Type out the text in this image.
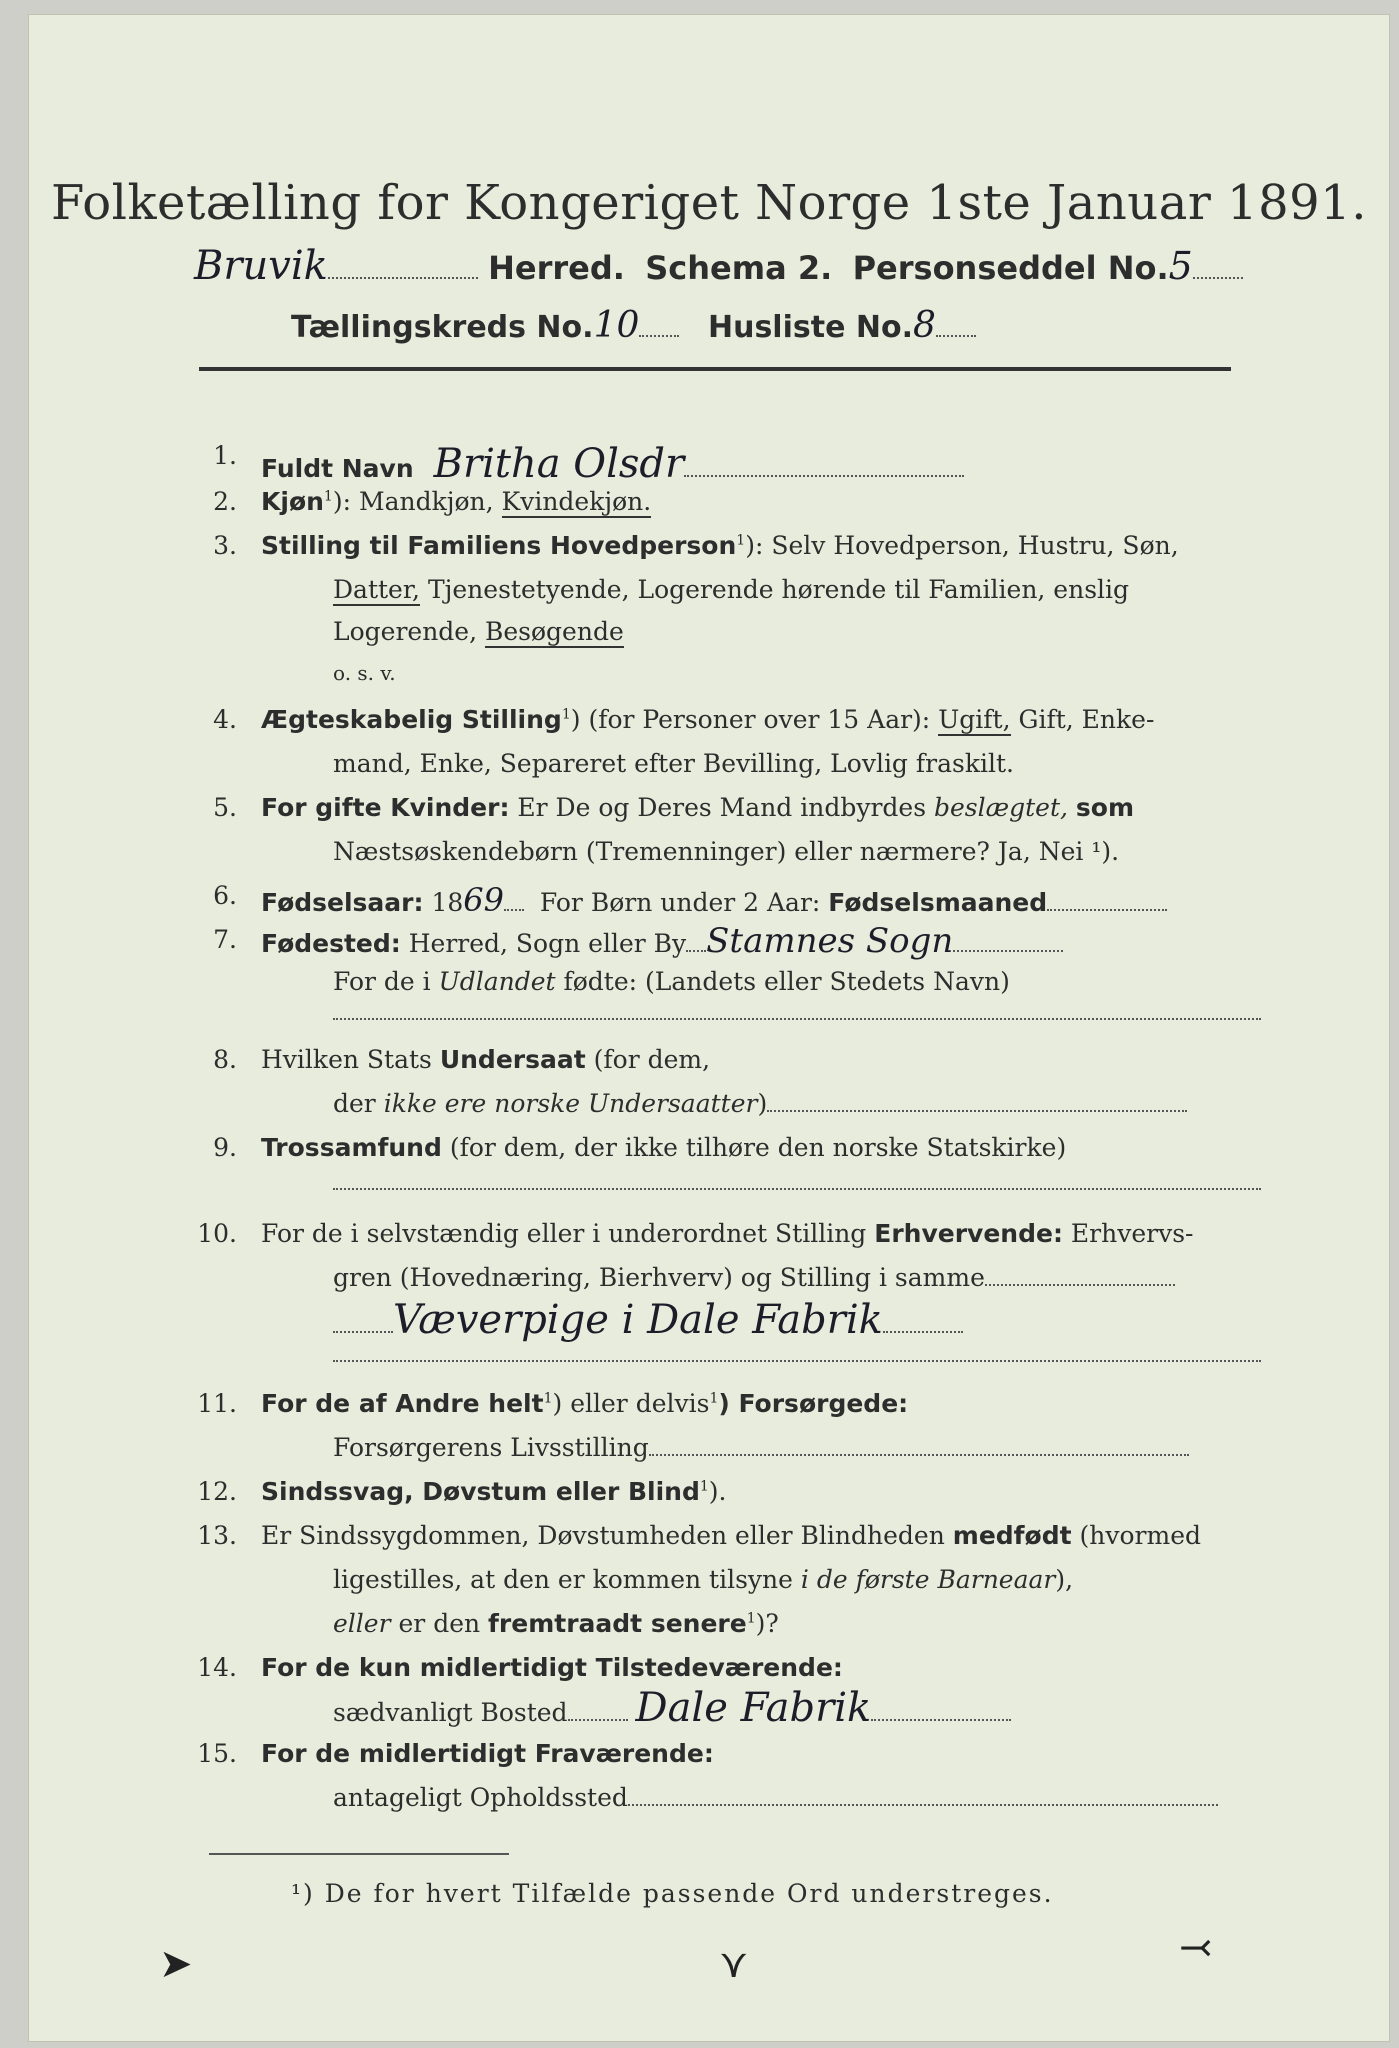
Folketælling for Kongeriget Norge 1ste Januar 1891.
Bruvik	Herred. Schema 2. Personseddel No.5
Tællingskreds No.10 Husliste No.8
1. Fuldt Navn Britha Olsdr
2. Kjøn$^1$): Mandkjøn, Kvindekjøn.
3. Stilling til Familiens Hovedperson$^1$): Selv Hovedperson, Hustru, Søn,
Datter, Tjenestetyende, Logerende hørende til Familien, enslig
Logerende, Besøgende
o. s. v.
4. Ægteskabelig Stilling$^1$) (for Personer over 15 Aar): Ugift, Gift, Enke-
mand, Enke, Separeret efter Bevilling, Lovlig fraskilt.
5. For gifte Kvinder: Er De og Deres Mand indbyrdes beslægtet, som
Næstsøskendebørn (Tremenninger) eller nærmere? Ja, Nei ¹).
6. Fødselsaar: 1869 For Børn under 2 Aar: Fødselsmaaned
7. Fødested: Herred, Sogn eller By Stamnes Sogn
For de i Udlandet fødte: (Landets eller Stedets Navn)
8. Hvilken Stats Undersaat (for dem,
der ikke ere norske Undersaatter)
9. Trossamfund (for dem, der ikke tilhøre den norske Statskirke)
10. For de i selvstændig eller i underordnet Stilling Erhvervende: Erhvervs-
gren (Hovednæring, Bierhverv) og Stilling i samme
Væverpige i Dale Fabrik
11. For de af Andre helt$^1$) eller delvis$^1$) Forsørgede:
Forsørgerens Livsstilling
12. Sindssvag, Døvstum eller Blind$^1$).
13. Er Sindssygdommen, Døvstumheden eller Blindheden medfødt (hvormed
ligestilles, at den er kommen tilsyne i de første Barneaar),
eller er den fremtraadt senere$^1$)?
14. For de kun midlertidigt Tilstedeværende:
sædvanligt Bosted Dale Fabrik
15. For de midlertidigt Fraværende:
antageligt Opholdssted
¹) De for hvert Tilfælde passende Ord understreges.
➤	⋎	⤙
